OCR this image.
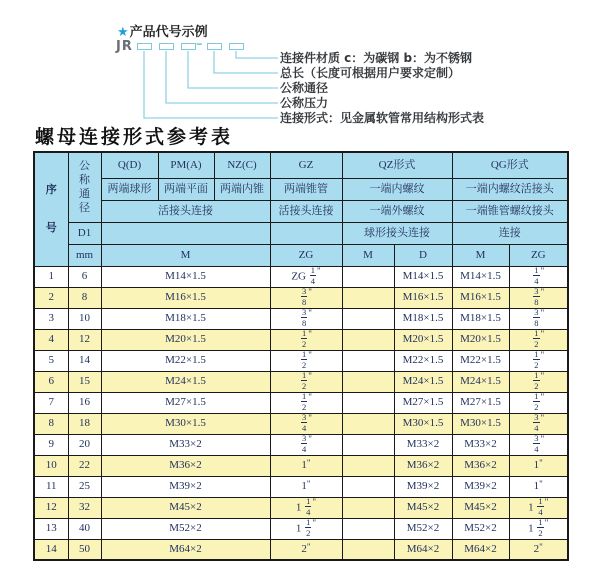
★产品代号示例
JR	–
连接件材质 c：为碳钢 b：为不锈钢
总长（长度可根据用户要求定制）
公称通径
公称压力
连接形式：见金属软管常用结构形式表
螺母连接形式参考表
序
号	公
称
通
径	Q(D)	PM(A)	NZ(C)	GZ	QZ形式		QG形式	
		两端球形	两端平面	两端内锥	两端锥管	一端内螺纹		一端内螺纹活接头	
		活接头连接			活接头连接	一端外螺纹		一端锥管螺纹接头	
	D1					球形接头连接		连接	
	mm	M			ZG	M	D	M	ZG
1	6	M14×1.5			ZG $\frac{1}{4} ^"$		M14×1.5	M14×1.5	$\frac{1}{4} ^"$
2	8	M16×1.5			$\frac{3}{8} ^"$		M16×1.5	M16×1.5	$\frac{3}{8} ^"$
3	10	M18×1.5			$\frac{3}{8} ^"$		M18×1.5	M18×1.5	$\frac{3}{8} ^"$
4	12	M20×1.5			$\frac{1}{2} ^"$		M20×1.5	M20×1.5	$\frac{1}{2} ^"$
5	14	M22×1.5			$\frac{1}{2} ^"$		M22×1.5	M22×1.5	$\frac{1}{2} ^"$
6	15	M24×1.5			$\frac{1}{2} ^"$		M24×1.5	M24×1.5	$\frac{1}{2} ^"$
7	16	M27×1.5			$\frac{1}{2} ^"$		M27×1.5	M27×1.5	$\frac{1}{2} ^"$
8	18	M30×1.5			$\frac{3}{4} ^"$		M30×1.5	M30×1.5	$\frac{3}{4} ^"$
9	20	M33×2			$\frac{3}{4} ^"$		M33×2	M33×2	$\frac{3}{4} ^"$
10	22	M36×2			1"		M36×2	M36×2	1"
11	25	M39×2			1"		M39×2	M39×2	1"
12	32	M45×2			$1 \frac{1}{4} ^"$		M45×2	M45×2	$1 \frac{1}{4} ^"$
13	40	M52×2			$1 \frac{1}{2} ^"$		M52×2	M52×2	$1 \frac{1}{2} ^"$
14	50	M64×2			2"		M64×2	M64×2	2"
